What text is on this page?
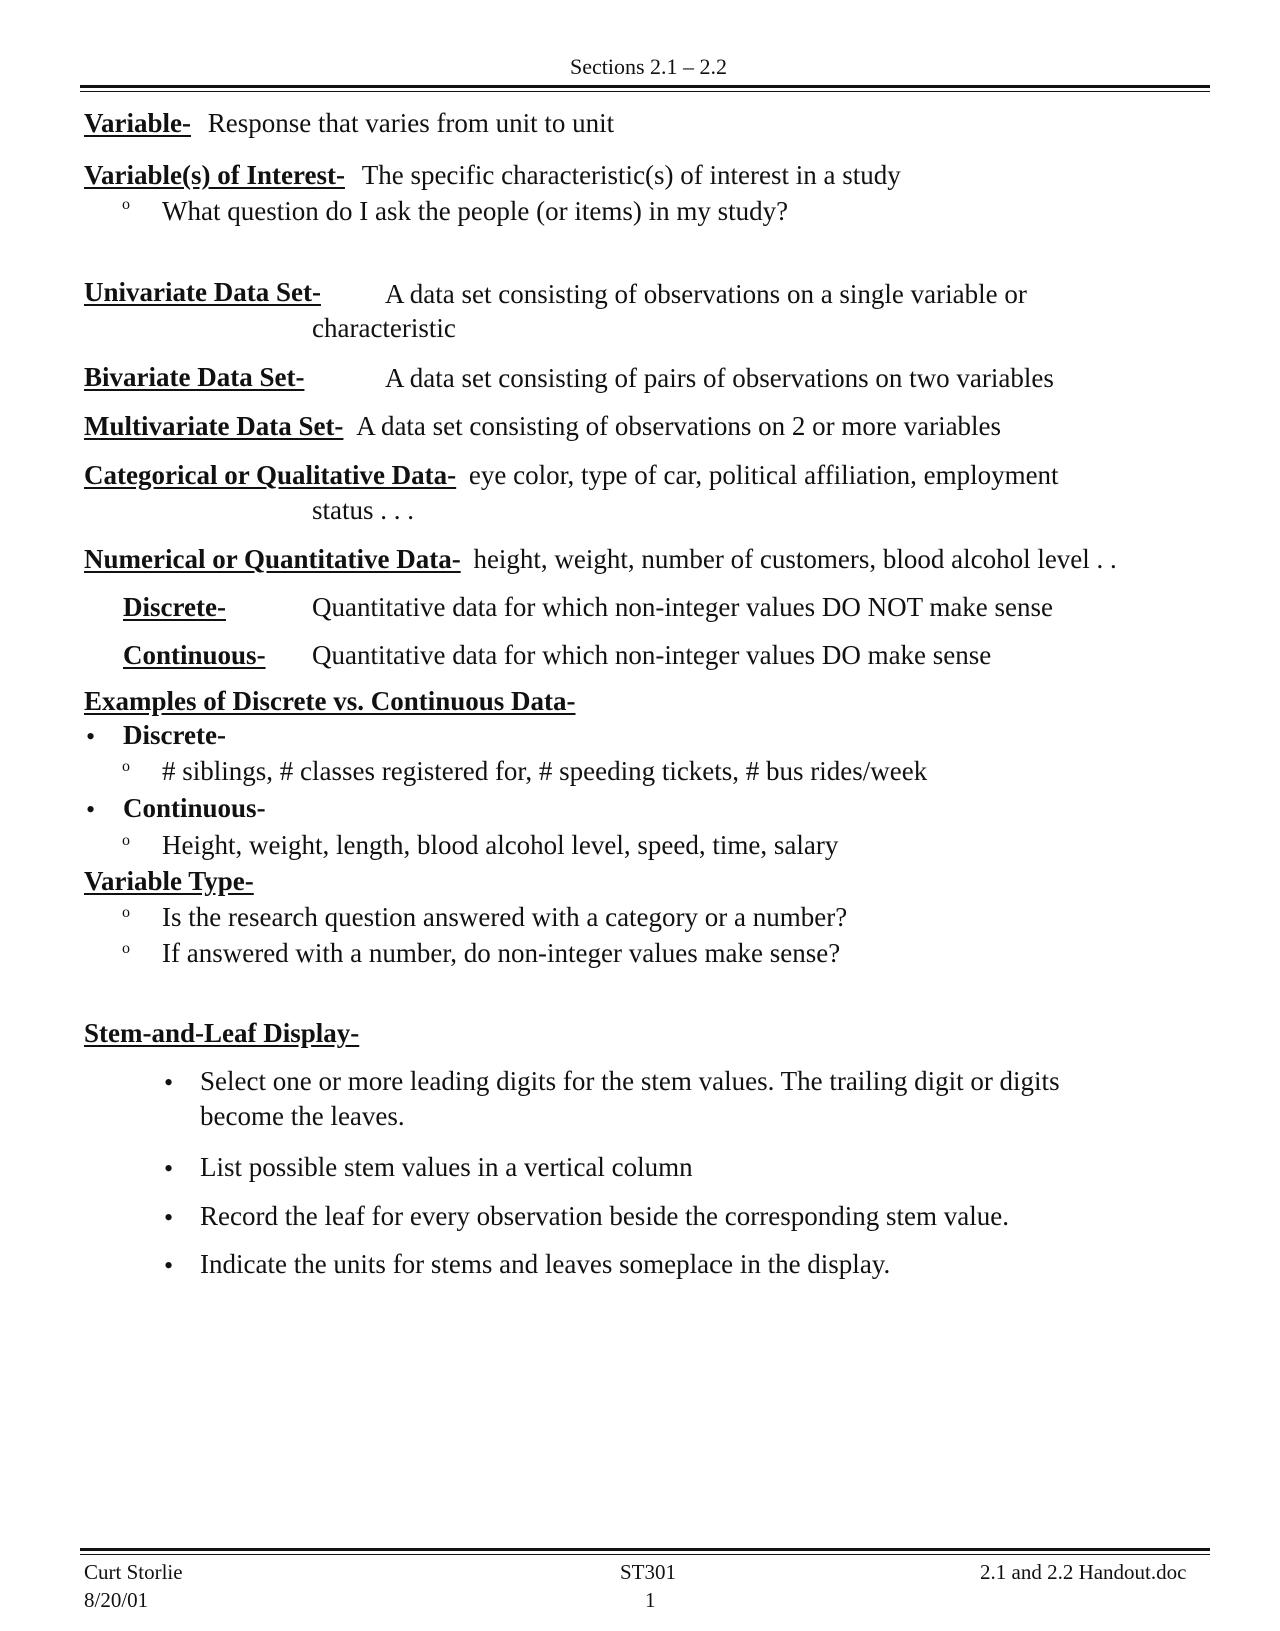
Sections 2.1 – 2.2
Variable- Response that varies from unit to unit
Variable(s) of Interest- The specific characteristic(s) of interest in a study
o What question do I ask the people (or items) in my study?
Univariate Data Set- A data set consisting of observations on a single variable or
characteristic
Bivariate Data Set-	A data set consisting of pairs of observations on two variables
Multivariate Data Set- A data set consisting of observations on 2 or more variables
Categorical or Qualitative Data- eye color, type of car, political affiliation, employment
status . . .
Numerical or Quantitative Data- height, weight, number of customers, blood alcohol level . .
Discrete-	Quantitative data for which non-integer values DO NOT make sense
Continuous- Quantitative data for which non-integer values DO make sense
Examples of Discrete vs. Continuous Data-
• Discrete-
o # siblings, # classes registered for, # speeding tickets, # bus rides/week
• Continuous-
o Height, weight, length, blood alcohol level, speed, time, salary
Variable Type-
o Is the research question answered with a category or a number?
o If answered with a number, do non-integer values make sense?
Stem-and-Leaf Display-
• Select one or more leading digits for the stem values. The trailing digit or digits
become the leaves.
• List possible stem values in a vertical column
• Record the leaf for every observation beside the corresponding stem value.
• Indicate the units for stems and leaves someplace in the display.
Curt Storlie
8/20/01
ST301
1
2.1 and 2.2 Handout.doc
